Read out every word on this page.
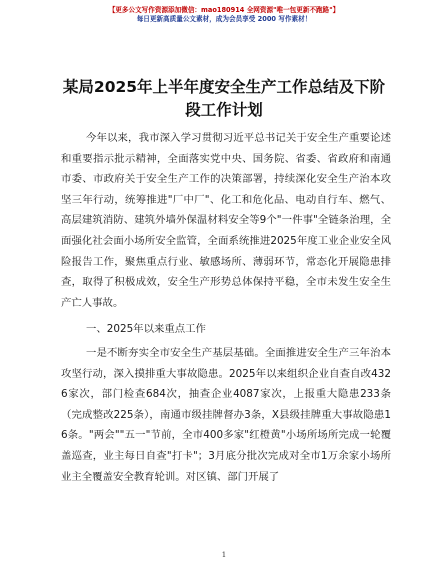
【更多公文写作资源添加微信：mao180914 全网资源"唯一包更新不跑路"】
每日更新高质量公文素材，成为会员享受 2000 写作素材！
某局2025年上半年度安全生产工作总结及下阶段工作计划

今年以来，我市深入学习贯彻习近平总书记关于安全生产重要论述和重要指示批示精神，全面落实党中央、国务院、省委、省政府和南通市委、市政府关于安全生产工作的决策部署，持续深化安全生产治本攻坚三年行动，统筹推进"厂中厂"、化工和危化品、电动自行车、燃气、高层建筑消防、建筑外墙外保温材料安全等9个"一件事"全链条治理，全面强化社会面小场所安全监管，全面系统推进2025年度工业企业安全风险报告工作，聚焦重点行业、敏感场所、薄弱环节，常态化开展隐患排查，取得了积极成效，安全生产形势总体保持平稳，全市未发生安全生产亡人事故。

一、2025年以来重点工作

一是不断夯实全市安全生产基层基础。全面推进安全生产三年治本攻坚行动，深入摸排重大事故隐患。2025年以来组织企业自查自改4326家次，部门检查684次，抽查企业4087家次，上报重大隐患233条（完成整改225条），南通市级挂牌督办3条，X县级挂牌重大事故隐患16条。"两会""五一"节前，全市400多家"红橙黄"小场所场所完成一轮覆盖巡查，业主每日自查"打卡"；3月底分批次完成对全市1万余家小场所业主全覆盖安全教育轮训。对区镇、部门开展了

1
